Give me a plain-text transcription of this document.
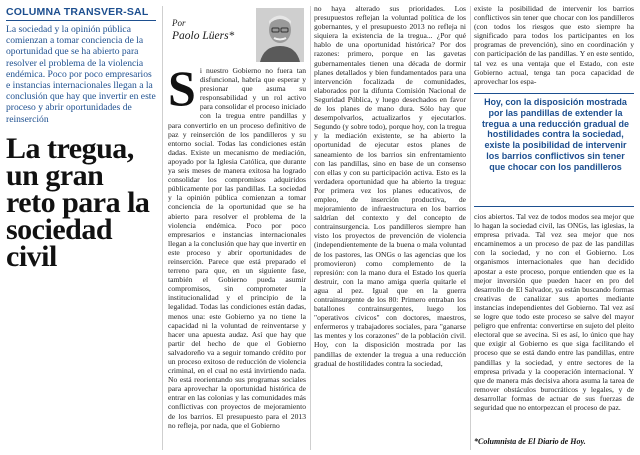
COLUMNA TRANSVER-SAL
La sociedad y la opinión pública comienzan a tomar conciencia de la oportunidad que se ha abierto para resolver el problema de la violencia endémica. Poco por poco empresarios e instancias internacionales llegan a la conclusión que hay que invertir en este proceso y abrir oportunidades de reinserción
La tregua, un gran reto para la sociedad civil
Por
Paolo Lüers*
S i nuestro Gobierno no fuera tan disfuncional, habría que esperar y presionar que asuma su responsabilidad y un rol activo para consolidar el proceso iniciado con la tregua entre pandillas y para convertirlo en un proceso definitivo de paz y reinserción de los pandilleros y su entorno social. Todas las condiciones están dadas. Existe un mecanismo de mediación, apoyado por la Iglesia Católica, que durante ya seis meses de manera exitosa ha logrado consolidar los compromisos adquiridos públicamente por las pandillas. La sociedad y la opinión pública comienzan a tomar conciencia de la oportunidad que se ha abierto para resolver el problema de la violencia endémica. Poco por poco empresarios e instancias internacionales llegan a la conclusión que hay que invertir en este proceso y abrir oportunidades de reinserción. Parece que está preparado el terreno para que, en un siguiente fase, también el Gobierno pueda asumir compromisos, sin comprometer la institucionalidad y el principio de la legalidad. Todas las condiciones están dadas, menos una: este Gobierno ya no tiene la capacidad ni la voluntad de reinventarse y hacer una apuesta audaz. Así que hay que partir del hecho de que el Gobierno salvadoreño va a seguir tomando crédito por un proceso exitoso de reducción de violencia criminal, en el cual no está invirtiendo nada. No está reorientando sus programas sociales para aprovechar la oportunidad histórica de entrar en las colonias y las comunidades más conflictivas con proyectos de mejoramiento de los barrios. El presupuesto para el 2013 no refleja, por nada, que el Gobierno
no haya alterado sus prioridades. Los presupuestos reflejan la voluntad política de los gobernantes, y el presupuesto 2013 no refleja ni siquiera la existencia de la tregua... ¿Por qué hablo de una oportunidad histórica? Por dos razones: primero, porque en las gavetas gubernamentales tienen una década de dormir planes detallados y bien fundamentados para una intervención focalizada de comunidades, elaborados por la difunta Comisión Nacional de Seguridad Pública, y luego desechados en favor de los planes de mano dura. Sólo hay que desempolvarlos, actualizarlos y ejecutarlos. Segundo (y sobre todo), porque hoy, con la tregua y la mediación existente, se ha abierto la oportunidad de ejecutar estos planes de saneamiento de los barrios sin enfrentamiento con las pandillas, sino en base de un consenso con ellas y con su participación activa. Esto es la verdadera oportunidad que ha abierto la tregua: Por primera vez los planes educativos, de empleo, de inserción productiva, de mejoramiento de infraestructura en los barrios saldrían del contexto y del concepto de contrainsurgencia. Los pandilleros siempre han visto los proyectos de prevención de violencia (independientemente de la buena o mala voluntad de los pastores, las ONGs o las agencias que los promovieron) como complemento de la represión: con la mano dura el Estado los quería destruir, con la mano amiga quería quitarle el agua al pez. Igual que en la guerra contrainsurgente de los 80: Primero entraban los batallones contrainsurgentes, luego los "operativos cívicos" con doctores, maestros, enfermeros y trabajadores sociales, para "ganarse las mentes y los corazones" de la población civil. Hoy, con la disposición mostrada por las pandillas de extender la tregua a una reducción gradual de hostilidades contra la sociedad,
existe la posibilidad de intervenir los barrios conflictivos sin tener que chocar con los pandilleros (con todos los riesgos que esto siempre ha significado para todos los participantes en los programas de prevención), sino en coordinación y con participación de las pandillas. Y en este sentido, tal vez es una ventaja que el Estado, con este Gobierno actual, tenga tan poca capacidad de aprovechar los espa-
Hoy, con la disposición mostrada por las pandillas de extender la tregua a una reducción gradual de hostilidades contra la sociedad, existe la posibilidad de intervenir los barrios conflictivos sin tener que chocar con los pandilleros
cios abiertos. Tal vez de todos modos sea mejor que lo hagan la sociedad civil, las ONGs, las iglesias, la empresa privada. Tal vez sea mejor que nos encaminemos a un proceso de paz de las pandillas con la sociedad, y no con el Gobierno. Los organismos internacionales que han decidido apostar a este proceso, porque entienden que es la mejor inversión que pueden hacer en pro del desarrollo de El Salvador, ya están buscando formas creativas de canalizar sus aportes mediante instancias independientes del Gobierno. Tal vez así se logre que todo este proceso se salve del mayor peligro que enfrenta: convertirse en sujeto del pleito electoral que se avecina. Si es así, lo único que hay que exigir al Gobierno es que siga facilitando el proceso que se está dando entre las pandillas, entre pandillas y la sociedad, y entre sectores de la empresa privada y la cooperación internacional. Y que de manera más decisiva ahora asuma la tarea de remover obstáculos burocráticos y legales, y de desarrollar formas de actuar de sus fuerzas de seguridad que no entorpezcan el proceso de paz.
*Columnista de El Diario de Hoy.
